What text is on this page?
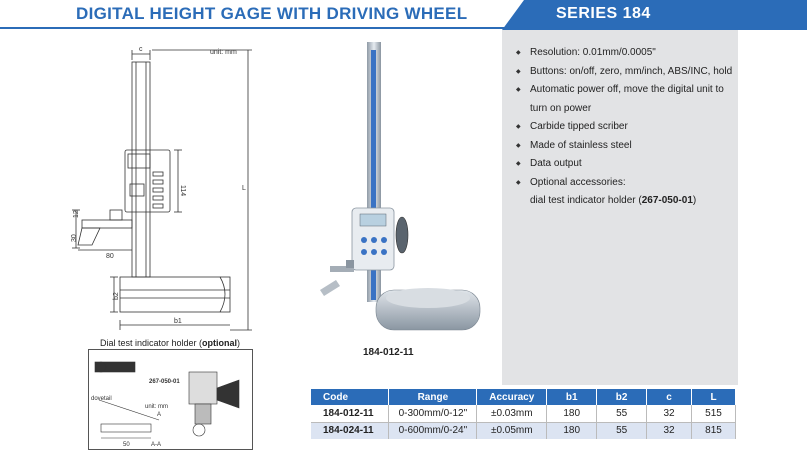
DIGITAL HEIGHT GAGE WITH DRIVING WHEEL	SERIES 184
unit: mm
c
114	L
12
30
80
b2
b1
184-012-11
Dial test indicator holder (optional)
267-050-01
dovetail
unit: mm
50
A
A-A
◆ Resolution: 0.01mm/0.0005"
◆ Buttons: on/off, zero, mm/inch, ABS/INC, hold
◆ Automatic power off, move the digital unit to
turn on power
◆ Carbide tipped scriber
◆ Made of stainless steel
◆ Data output
◆ Optional accessories:
dial test indicator holder (267-050-01)
Code	Range	Accuracy	b1	b2	c	L
184-012-11	0-300mm/0-12"	±0.03mm	180	55	32	515
184-024-11	0-600mm/0-24"	±0.05mm	180	55	32	815
